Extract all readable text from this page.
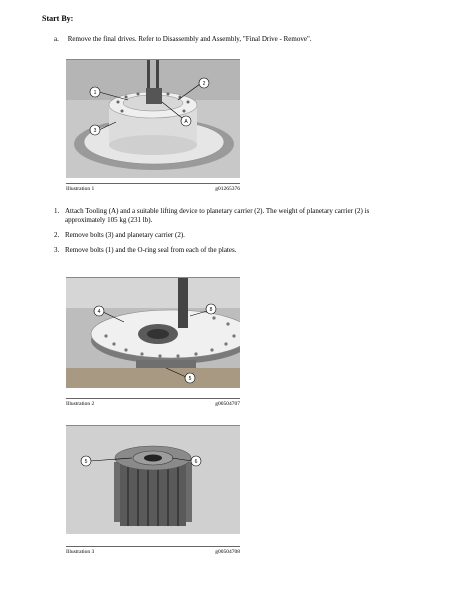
Start By:
a. Remove the final drives. Refer to Disassembly and Assembly, "Final Drive - Remove".
1
2
3
A
Illustration 1	g01265376
1. Attach Tooling (A) and a suitable lifting device to planetary carrier (2). The weight of planetary carrier (2) is approximately 105 kg (231 lb).
2. Remove bolts (3) and planetary carrier (2).
3. Remove bolts (1) and the O-ring seal from each of the plates.
4	8
5
Illustration 2	g00504707
5	6
Illustration 3	g00504708
